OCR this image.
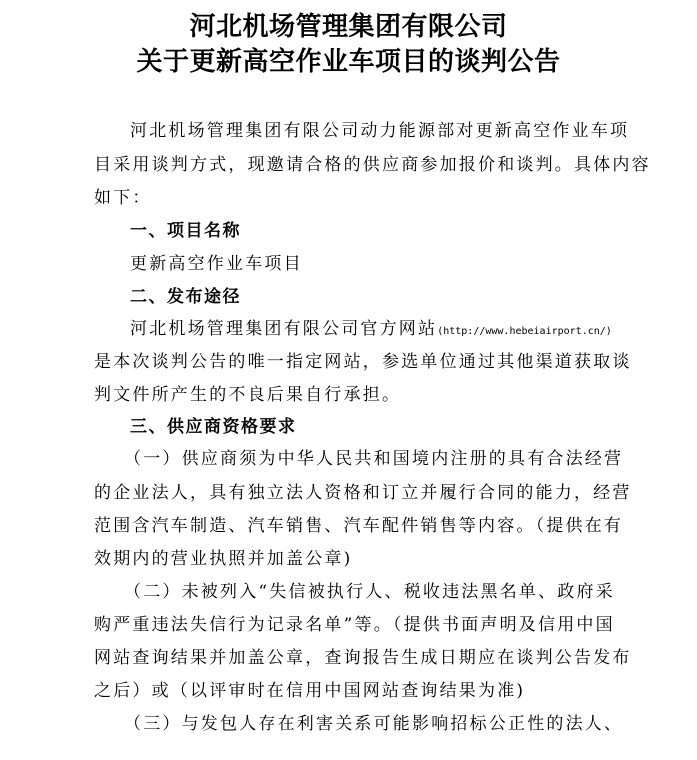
河北机场管理集团有限公司
关于更新高空作业车项目的谈判公告
河北机场管理集团有限公司动力能源部对更新高空作业车项
目采用谈判方式，现邀请合格的供应商参加报价和谈判。具体内容
如下：
一、项目名称
更新高空作业车项目
二、发布途径
河北机场管理集团有限公司官方网站(http://www.hebeiairport.cn/)
是本次谈判公告的唯一指定网站，参选单位通过其他渠道获取谈
判文件所产生的不良后果自行承担。
三、供应商资格要求
（一）供应商须为中华人民共和国境内注册的具有合法经营
的企业法人，具有独立法人资格和订立并履行合同的能力，经营
范围含汽车制造、汽车销售、汽车配件销售等内容。（提供在有
效期内的营业执照并加盖公章)
（二）未被列入“失信被执行人、税收违法黑名单、政府采
购严重违法失信行为记录名单”等。（提供书面声明及信用中国
网站查询结果并加盖公章，查询报告生成日期应在谈判公告发布
之后）或（以评审时在信用中国网站查询结果为准)
（三）与发包人存在利害关系可能影响招标公正性的法人、
